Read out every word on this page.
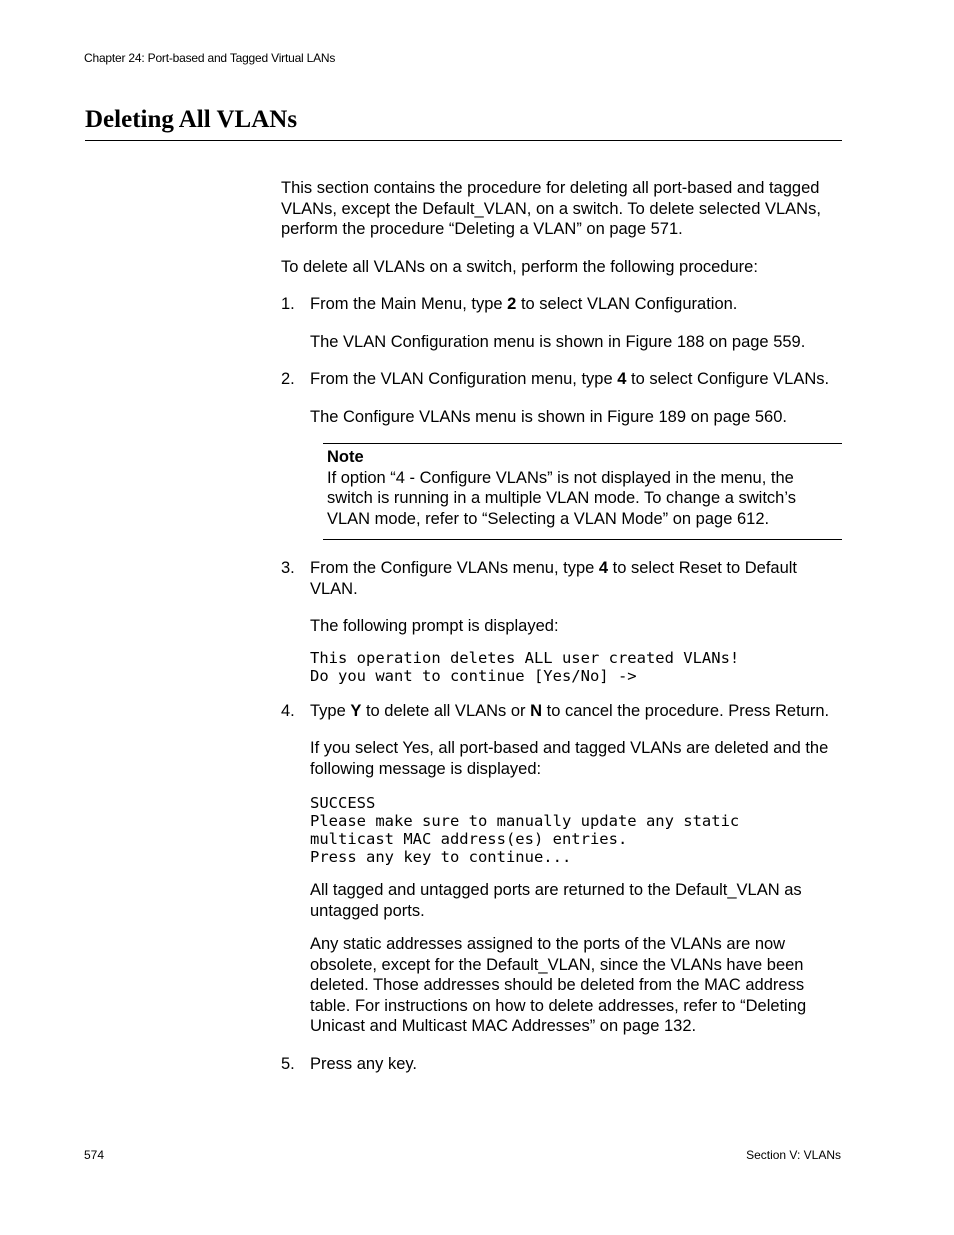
Chapter 24: Port-based and Tagged Virtual LANs
Deleting All VLANs

This section contains the procedure for deleting all port-based and tagged VLANs, except the Default_VLAN, on a switch. To delete selected VLANs, perform the procedure “Deleting a VLAN” on page 571.

To delete all VLANs on a switch, perform the following procedure:

1. From the Main Menu, type 2 to select VLAN Configuration.

The VLAN Configuration menu is shown in Figure 188 on page 559.

2. From the VLAN Configuration menu, type 4 to select Configure VLANs.

The Configure VLANs menu is shown in Figure 189 on page 560.

Note
If option “4 - Configure VLANs” is not displayed in the menu, the switch is running in a multiple VLAN mode. To change a switch’s VLAN mode, refer to “Selecting a VLAN Mode” on page 612.
3. From the Configure VLANs menu, type 4 to select Reset to Default VLAN.

The following prompt is displayed:

This operation deletes ALL user created VLANs!
Do you want to continue [Yes/No] ->
4. Type Y to delete all VLANs or N to cancel the procedure. Press Return.

If you select Yes, all port-based and tagged VLANs are deleted and the following message is displayed:

SUCCESS
Please make sure to manually update any static
multicast MAC address(es) entries.
Press any key to continue...

All tagged and untagged ports are returned to the Default_VLAN as untagged ports.

Any static addresses assigned to the ports of the VLANs are now obsolete, except for the Default_VLAN, since the VLANs have been deleted. Those addresses should be deleted from the MAC address table. For instructions on how to delete addresses, refer to “Deleting Unicast and Multicast MAC Addresses” on page 132.

5. Press any key.

574	Section V: VLANs
